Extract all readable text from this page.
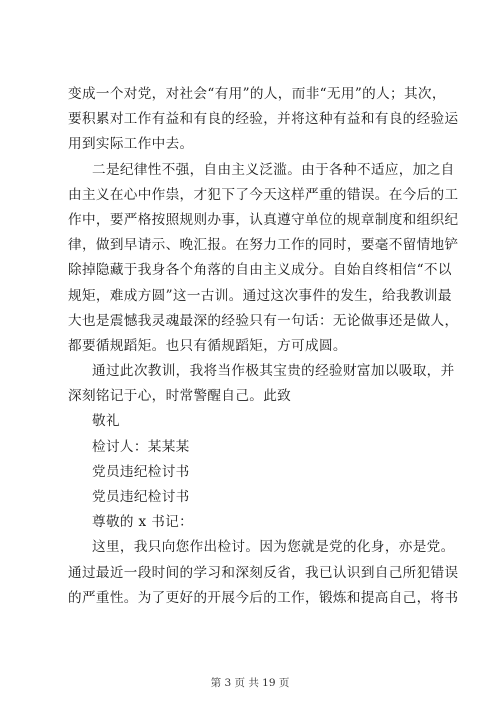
变成一个对党，对社会“有用”的人，而非“无用”的人；其次，
要积累对工作有益和有良的经验，并将这种有益和有良的经验运
用到实际工作中去。
二是纪律性不强，自由主义泛滥。由于各种不适应，加之自
由主义在心中作祟，才犯下了今天这样严重的错误。在今后的工
作中，要严格按照规则办事，认真遵守单位的规章制度和组织纪
律，做到早请示、晚汇报。在努力工作的同时，要毫不留情地铲
除掉隐藏于我身各个角落的自由主义成分。自始自终相信“不以
规矩，难成方圆”这一古训。通过这次事件的发生，给我教训最
大也是震憾我灵魂最深的经验只有一句话：无论做事还是做人，
都要循规蹈矩。也只有循规蹈矩，方可成圆。
通过此次教训，我将当作极其宝贵的经验财富加以吸取，并
深刻铭记于心，时常警醒自己。此致
敬礼
检讨人：某某某
党员违纪检讨书
党员违纪检讨书
尊敬的 x 书记：
这里，我只向您作出检讨。因为您就是党的化身，亦是党。
通过最近一段时间的学习和深刻反省，我已认识到自己所犯错误
的严重性。为了更好的开展今后的工作，锻炼和提高自己，将书
第 3 页 共 19 页
